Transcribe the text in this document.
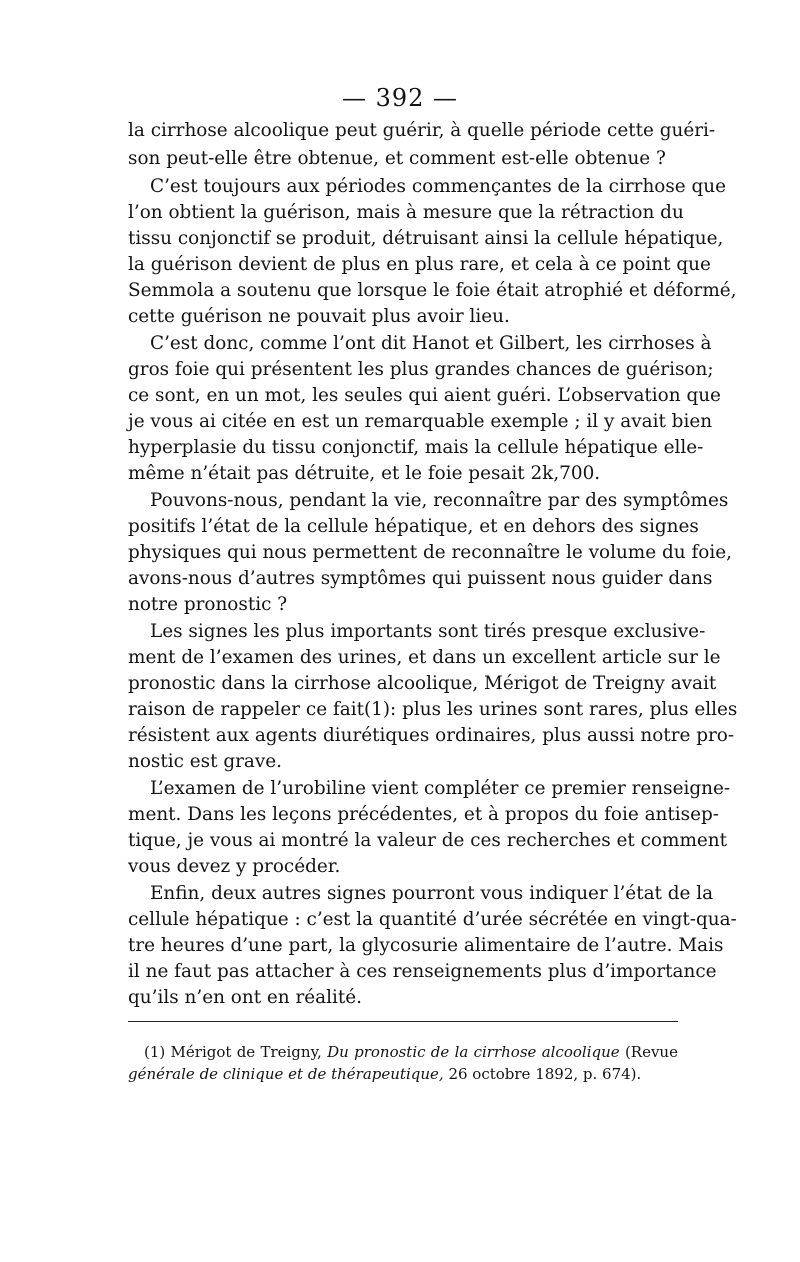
— 392 —
la cirrhose alcoolique peut guérir, à quelle période cette guéri-
son peut-elle être obtenue, et comment est-elle obtenue ?
C’est toujours aux périodes commençantes de la cirrhose que
l’on obtient la guérison, mais à mesure que la rétraction du
tissu conjonctif se produit, détruisant ainsi la cellule hépatique,
la guérison devient de plus en plus rare, et cela à ce point que
Semmola a soutenu que lorsque le foie était atrophié et déformé,
cette guérison ne pouvait plus avoir lieu.
C’est donc, comme l’ont dit Hanot et Gilbert, les cirrhoses à
gros foie qui présentent les plus grandes chances de guérison;
ce sont, en un mot, les seules qui aient guéri. L’observation que
je vous ai citée en est un remarquable exemple ; il y avait bien
hyperplasie du tissu conjonctif, mais la cellule hépatique elle-
même n’était pas détruite, et le foie pesait 2k,700.
Pouvons-nous, pendant la vie, reconnaître par des symptômes
positifs l’état de la cellule hépatique, et en dehors des signes
physiques qui nous permettent de reconnaître le volume du foie,
avons-nous d’autres symptômes qui puissent nous guider dans
notre pronostic ?
Les signes les plus importants sont tirés presque exclusive-
ment de l’examen des urines, et dans un excellent article sur le
pronostic dans la cirrhose alcoolique, Mérigot de Treigny avait
raison de rappeler ce fait(1): plus les urines sont rares, plus elles
résistent aux agents diurétiques ordinaires, plus aussi notre pro-
nostic est grave.
L’examen de l’urobiline vient compléter ce premier renseigne-
ment. Dans les leçons précédentes, et à propos du foie antisep-
tique, je vous ai montré la valeur de ces recherches et comment
vous devez y procéder.
Enfin, deux autres signes pourront vous indiquer l’état de la
cellule hépatique : c’est la quantité d’urée sécrétée en vingt-qua-
tre heures d’une part, la glycosurie alimentaire de l’autre. Mais
il ne faut pas attacher à ces renseignements plus d’importance
qu’ils n’en ont en réalité.
(1) Mérigot de Treigny, Du pronostic de la cirrhose alcoolique (Revue
générale de clinique et de thérapeutique, 26 octobre 1892, p. 674).
